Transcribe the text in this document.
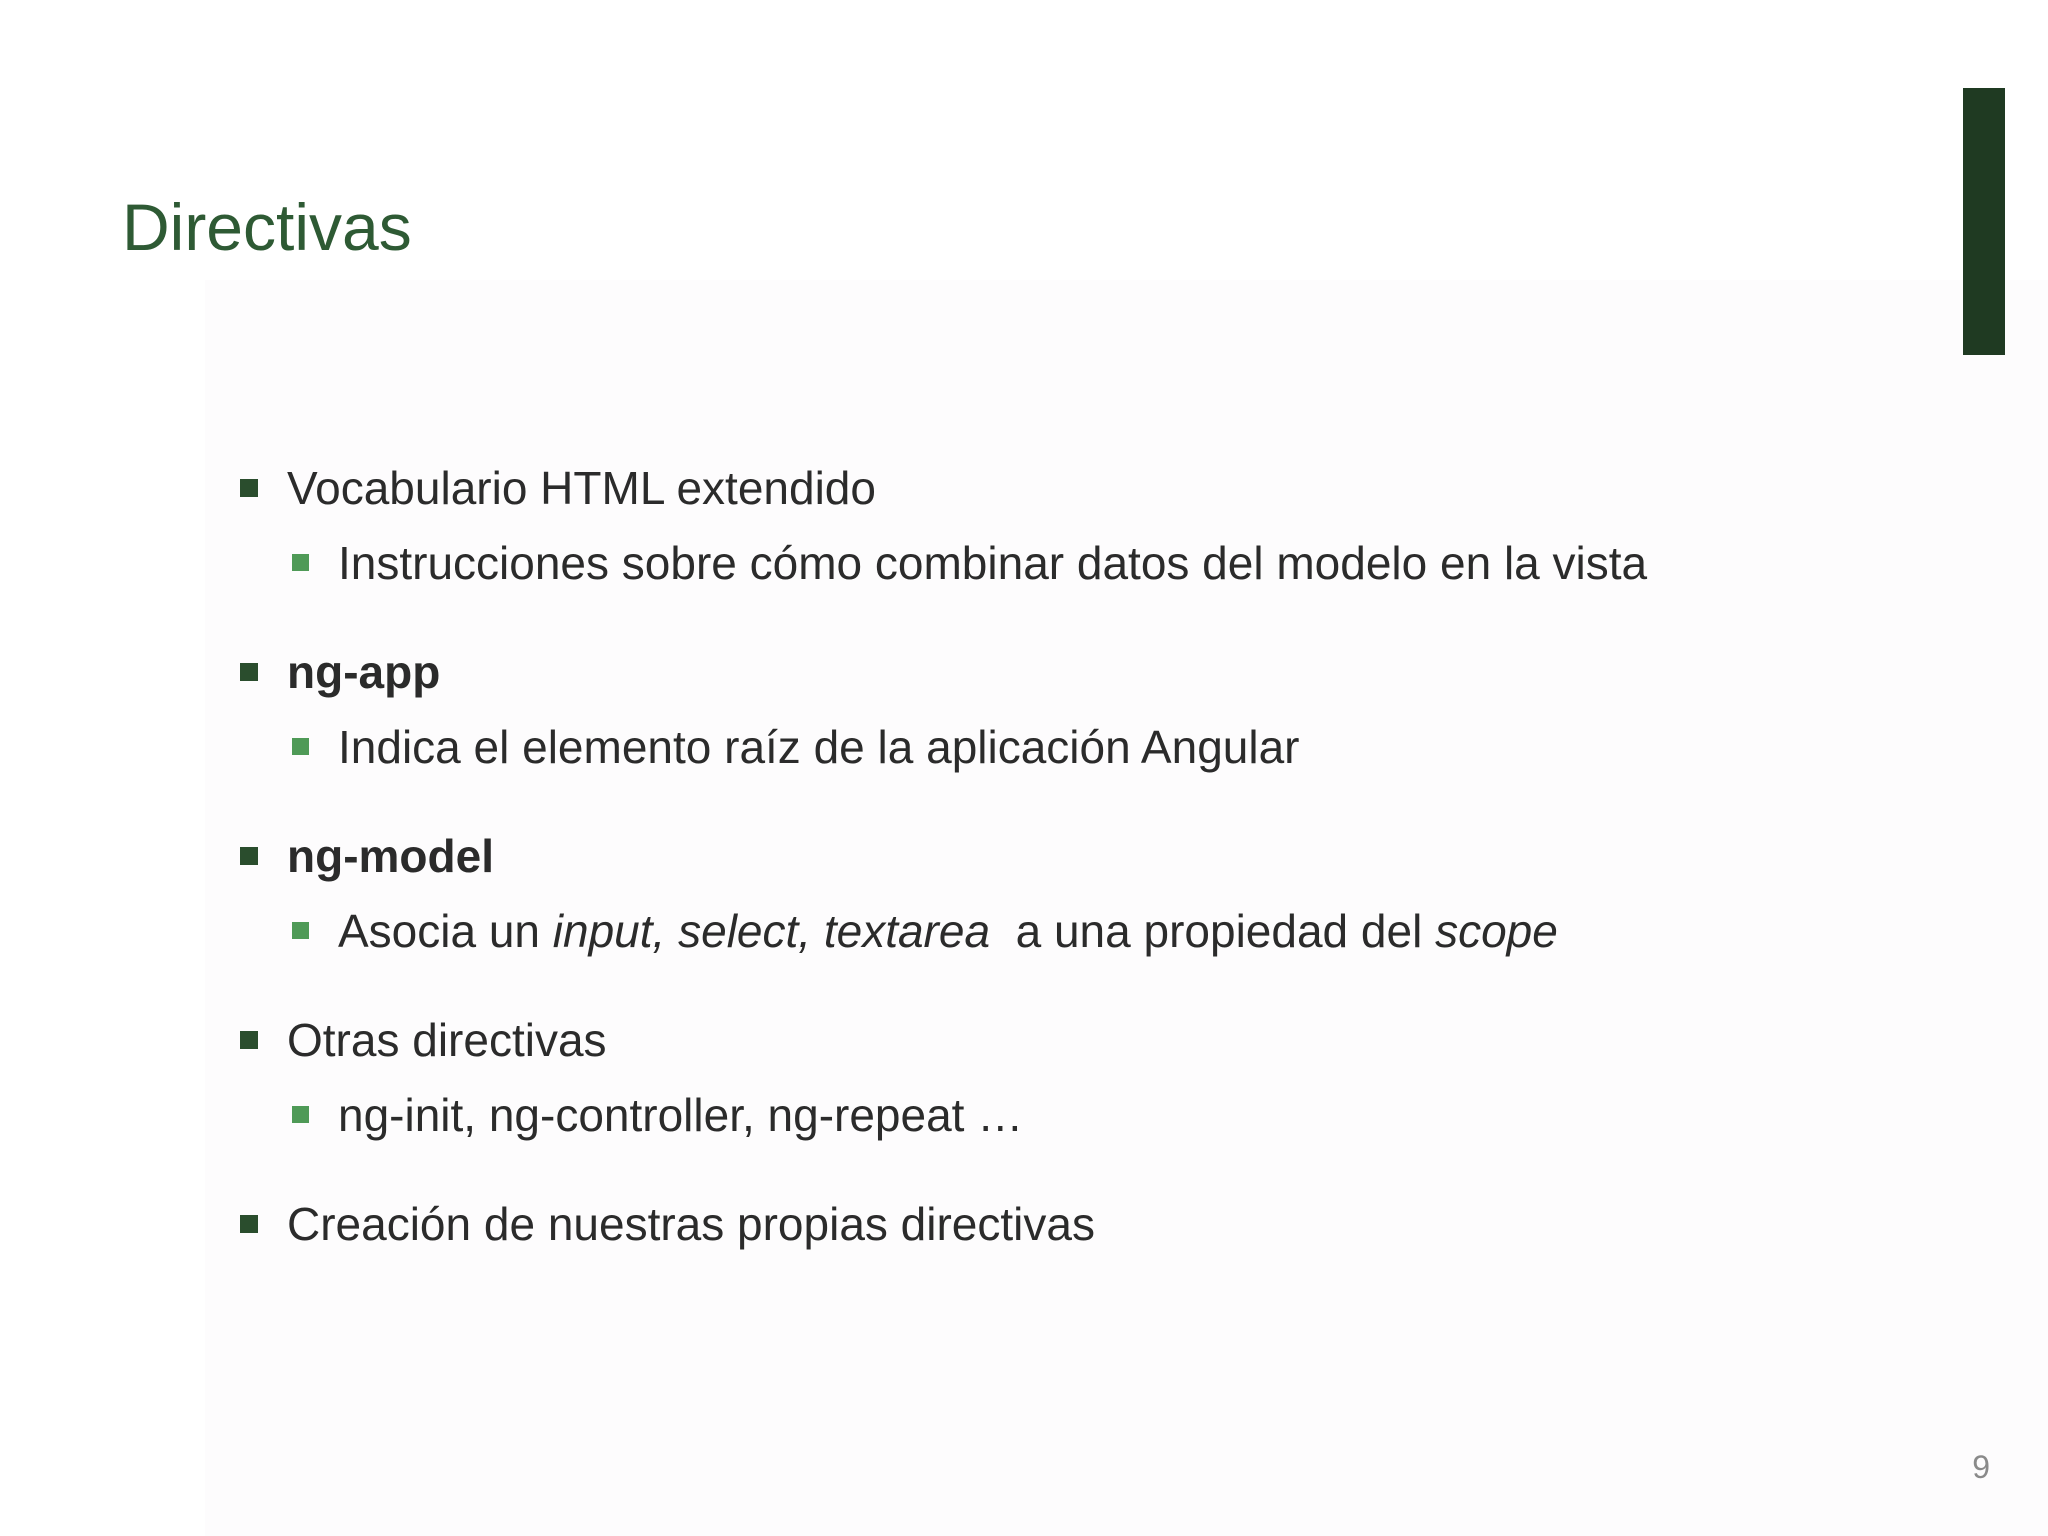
Directivas
Vocabulario HTML extendido
Instrucciones sobre cómo combinar datos del modelo en la vista
ng-app
Indica el elemento raíz de la aplicación Angular
ng-model
Asocia un input, select, textarea  a una propiedad del scope
Otras directivas
ng-init, ng-controller, ng-repeat …
Creación de nuestras propias directivas
9
